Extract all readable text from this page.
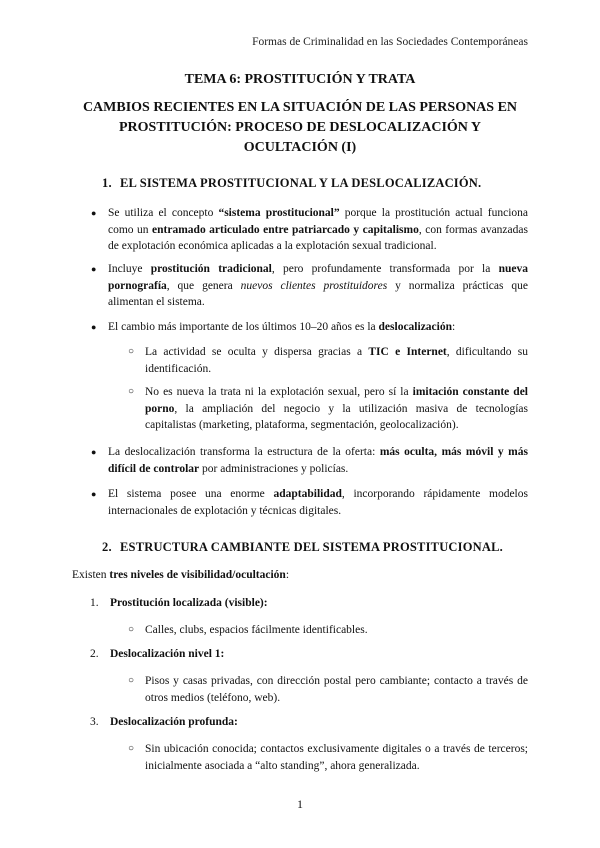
Formas de Criminalidad en las Sociedades Contemporáneas
TEMA 6: PROSTITUCIÓN Y TRATA
CAMBIOS RECIENTES EN LA SITUACIÓN DE LAS PERSONAS EN
PROSTITUCIÓN: PROCESO DE DESLOCALIZACIÓN Y
OCULTACIÓN (I)
1. EL SISTEMA PROSTITUCIONAL Y LA DESLOCALIZACIÓN.
● Se utiliza el concepto “sistema prostitucional” porque la prostitución actual funciona como un entramado articulado entre patriarcado y capitalismo, con formas avanzadas de explotación económica aplicadas a la explotación sexual tradicional.
● Incluye prostitución tradicional, pero profundamente transformada por la nueva pornografía, que genera nuevos clientes prostituidores y normaliza prácticas que alimentan el sistema.
● El cambio más importante de los últimos 10–20 años es la deslocalización:
○ La actividad se oculta y dispersa gracias a TIC e Internet, dificultando su identificación.
○ No es nueva la trata ni la explotación sexual, pero sí la imitación constante del porno, la ampliación del negocio y la utilización masiva de tecnologías capitalistas (marketing, plataforma, segmentación, geolocalización).
● La deslocalización transforma la estructura de la oferta: más oculta, más móvil y más difícil de controlar por administraciones y policías.
● El sistema posee una enorme adaptabilidad, incorporando rápidamente modelos internacionales de explotación y técnicas digitales.
2. ESTRUCTURA CAMBIANTE DEL SISTEMA PROSTITUCIONAL.
Existen tres niveles de visibilidad/ocultación:
1. Prostitución localizada (visible):
○ Calles, clubs, espacios fácilmente identificables.
2. Deslocalización nivel 1:
○ Pisos y casas privadas, con dirección postal pero cambiante; contacto a través de otros medios (teléfono, web).
3. Deslocalización profunda:
○ Sin ubicación conocida; contactos exclusivamente digitales o a través de terceros; inicialmente asociada a “alto standing”, ahora generalizada.
1
